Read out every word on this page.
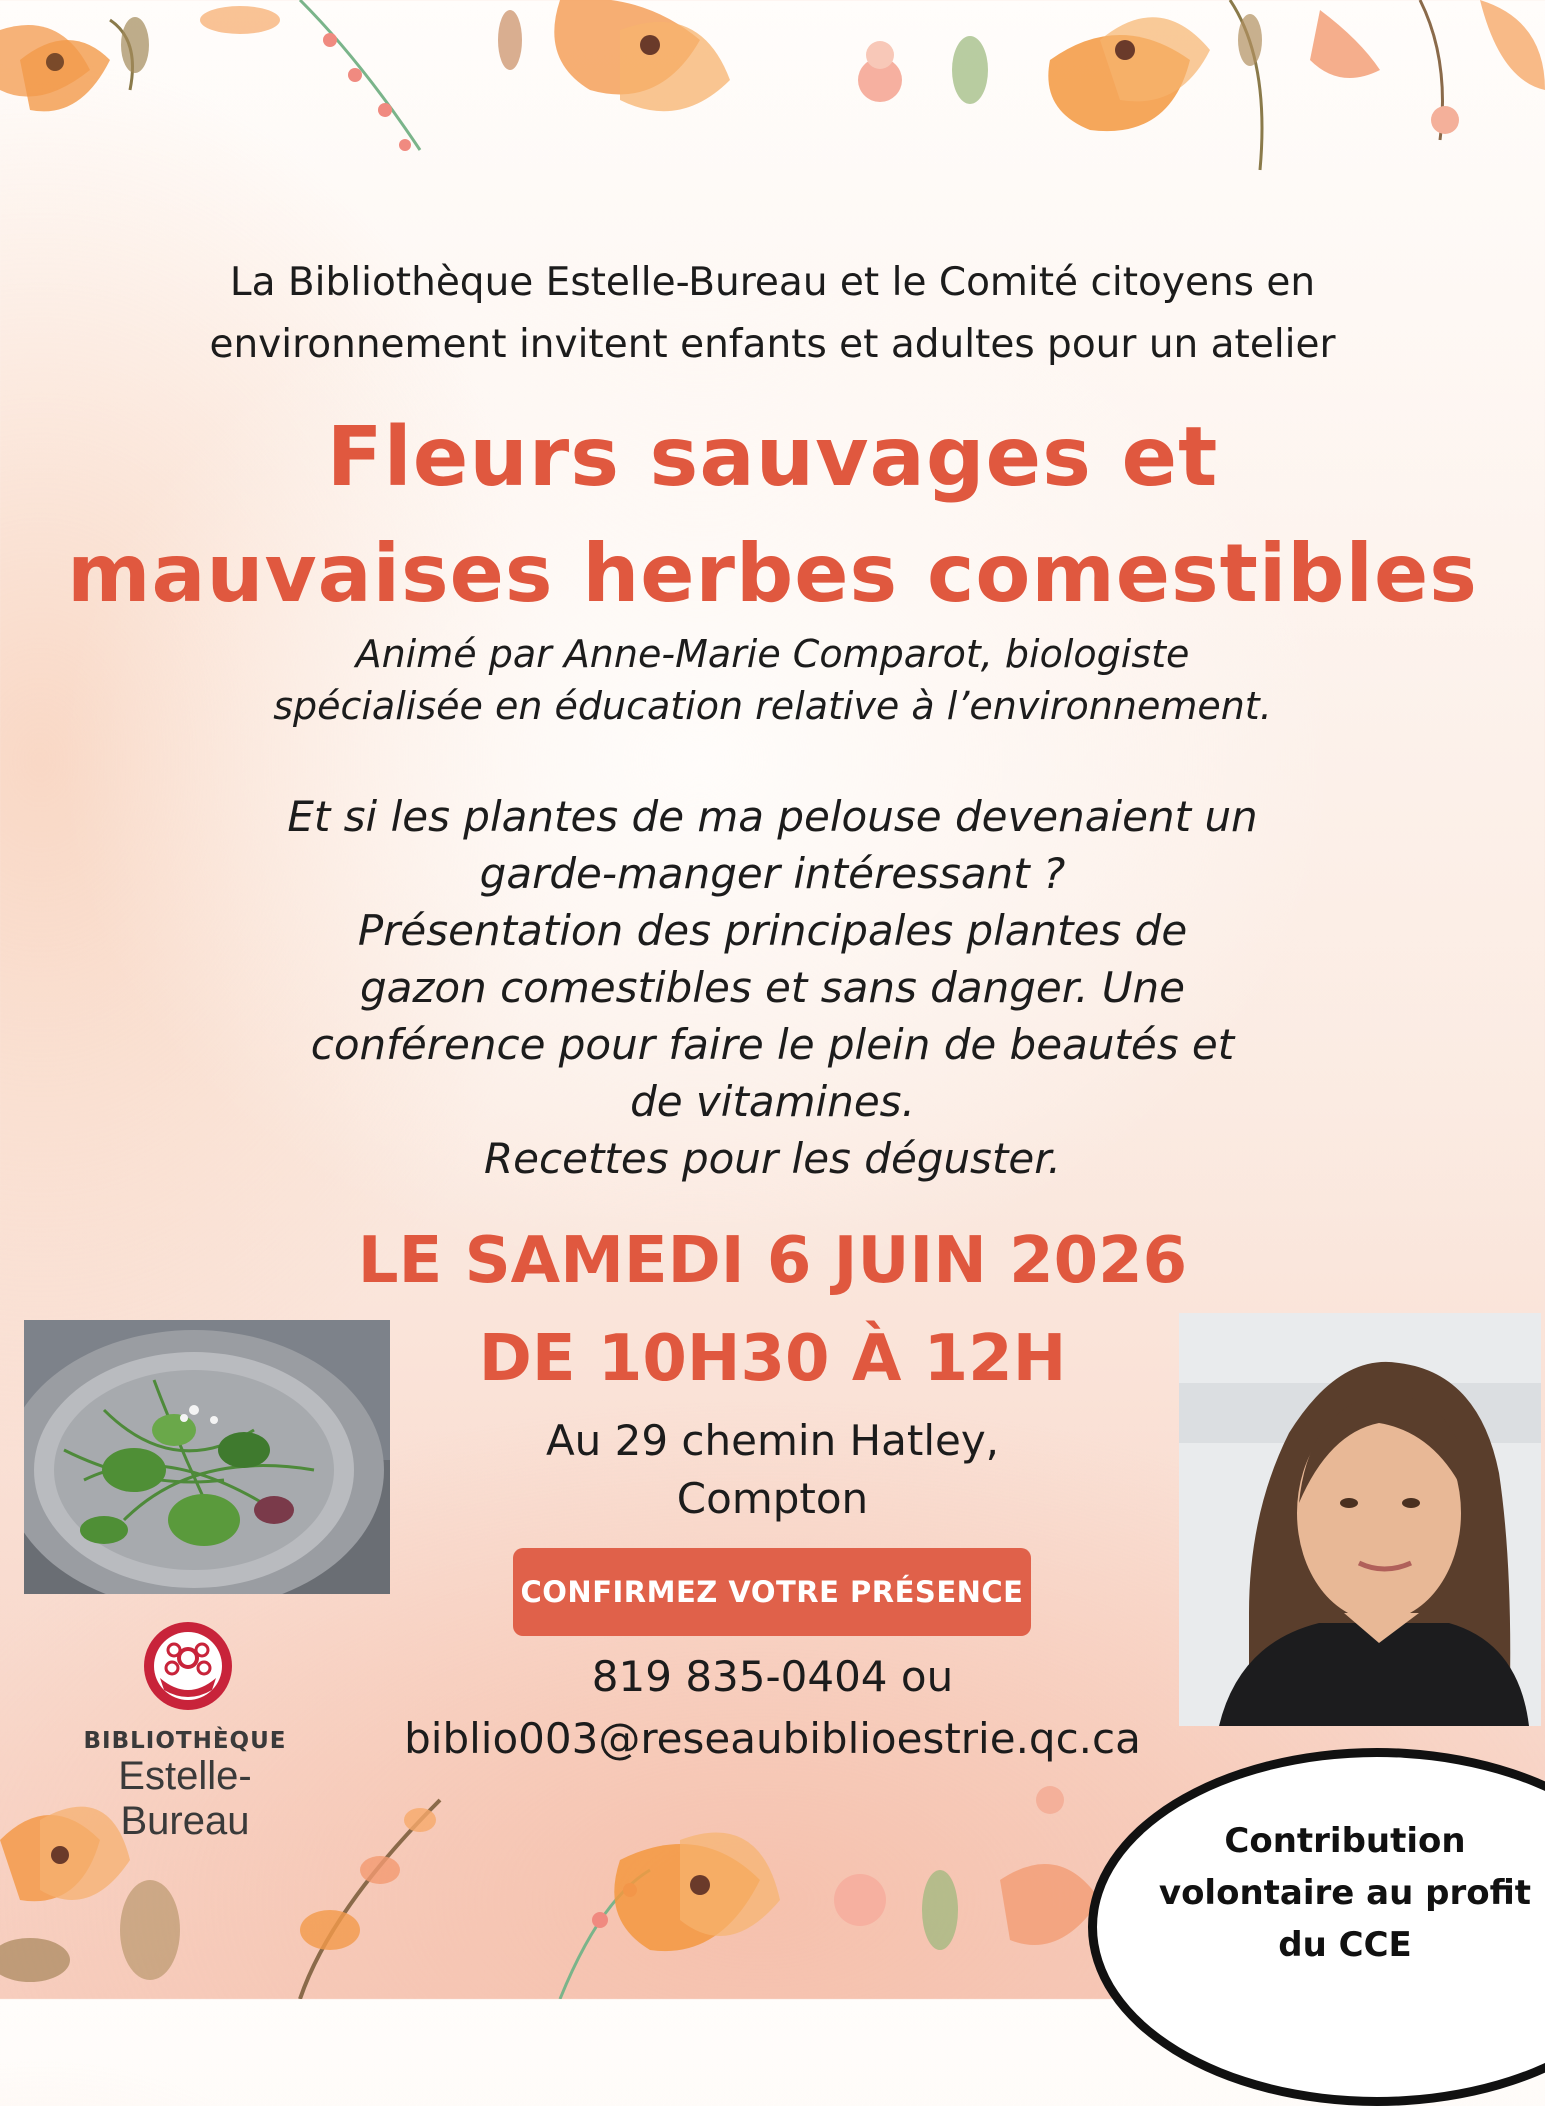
La Bibliothèque Estelle-Bureau et le Comité citoyens en
environnement invitent enfants et adultes pour un atelier
Fleurs sauvages et
mauvaises herbes comestibles
Animé par Anne-Marie Comparot, biologiste
spécialisée en éducation relative à l’environnement.
Et si les plantes de ma pelouse devenaient un
garde-manger intéressant ?
Présentation des principales plantes de
gazon comestibles et sans danger. Une
conférence pour faire le plein de beautés et
de vitamines.
Recettes pour les déguster.
LE SAMEDI 6 JUIN 2026
DE 10H30 À 12H
Au 29 chemin Hatley,
Compton
CONFIRMEZ VOTRE PRÉSENCE
819 835-0404 ou
biblio003@reseaubiblioestrie.qc.ca
BIBLIOTHÈQUE
Estelle-Bureau	Contribution
volontaire au profit
du CCE
